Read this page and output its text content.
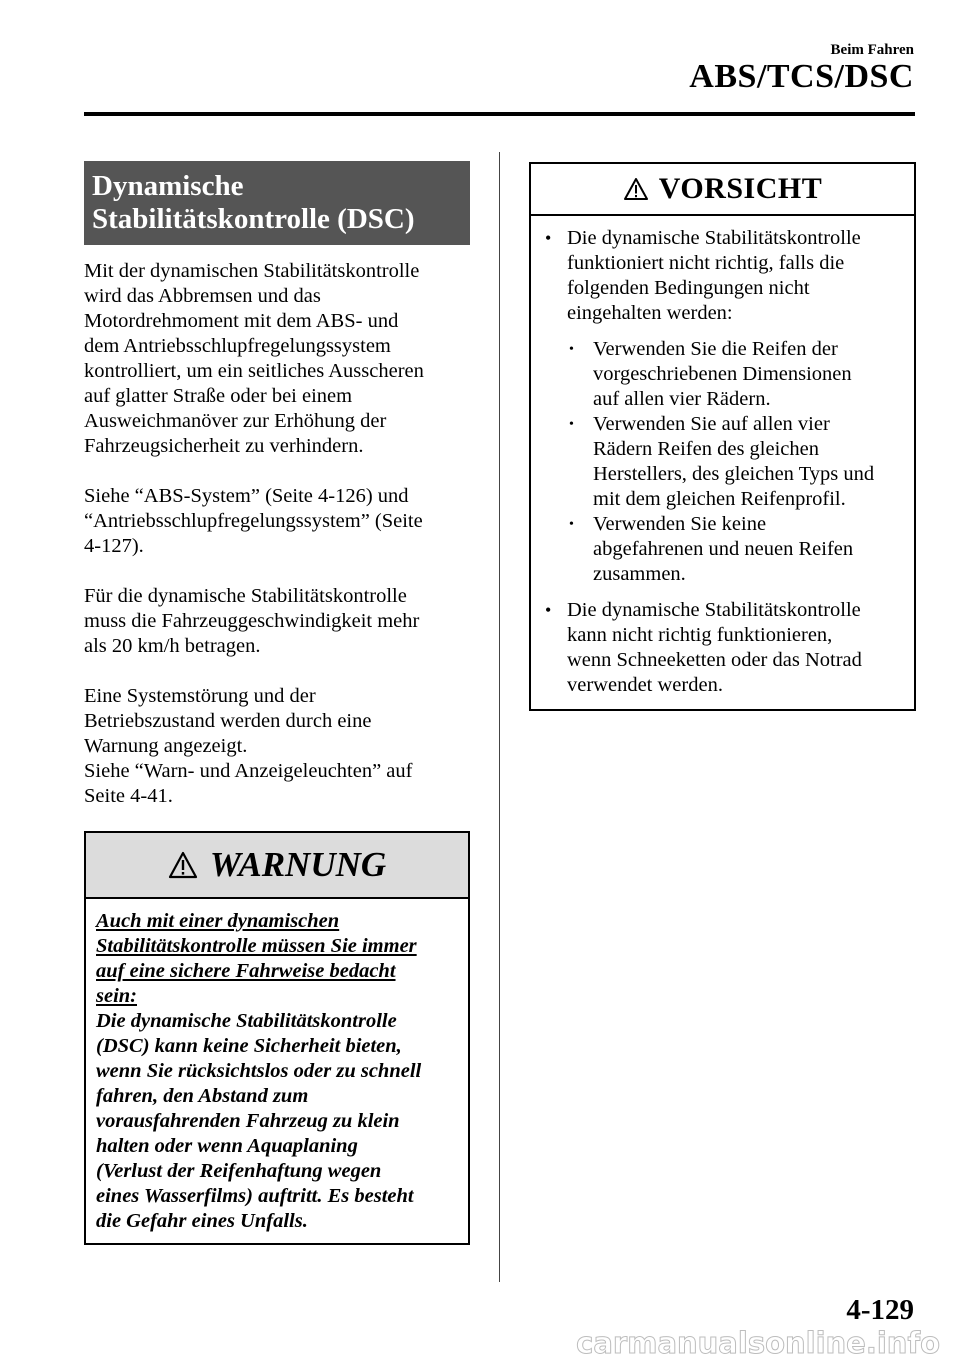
Beim Fahren
ABS/TCS/DSC
Dynamische
Stabilitätskontrolle (DSC)

Mit der dynamischen Stabilitätskontrolle
wird das Abbremsen und das
Motordrehmoment mit dem ABS- und
dem Antriebsschlupfregelungssystem
kontrolliert, um ein seitliches Ausscheren
auf glatter Straße oder bei einem
Ausweichmanöver zur Erhöhung der
Fahrzeugsicherheit zu verhindern.

Siehe “ABS-System” (Seite 4-126) und
“Antriebsschlupfregelungssystem” (Seite
4-127).

Für die dynamische Stabilitätskontrolle
muss die Fahrzeuggeschwindigkeit mehr
als 20 km/h betragen.

Eine Systemstörung und der
Betriebszustand werden durch eine
Warnung angezeigt.
Siehe “Warn- und Anzeigeleuchten” auf
Seite 4-41.

WARNUNG
Auch mit einer dynamischen
Stabilitätskontrolle müssen Sie immer
auf eine sichere Fahrweise bedacht
sein:
Die dynamische Stabilitätskontrolle
(DSC) kann keine Sicherheit bieten,
wenn Sie rücksichtslos oder zu schnell
fahren, den Abstand zum
vorausfahrenden Fahrzeug zu klein
halten oder wenn Aquaplaning
(Verlust der Reifenhaftung wegen
eines Wasserfilms) auftritt. Es besteht
die Gefahr eines Unfalls.
VORSICHT
• Die dynamische Stabilitätskontrolle
funktioniert nicht richtig, falls die
folgenden Bedingungen nicht
eingehalten werden:
• Verwenden Sie die Reifen der
vorgeschriebenen Dimensionen
auf allen vier Rädern.
• Verwenden Sie auf allen vier
Rädern Reifen des gleichen
Herstellers, des gleichen Typs und
mit dem gleichen Reifenprofil.
• Verwenden Sie keine
abgefahrenen und neuen Reifen
zusammen.
• Die dynamische Stabilitätskontrolle
kann nicht richtig funktionieren,
wenn Schneeketten oder das Notrad
verwendet werden.
4-129
carmanualsonline.info
